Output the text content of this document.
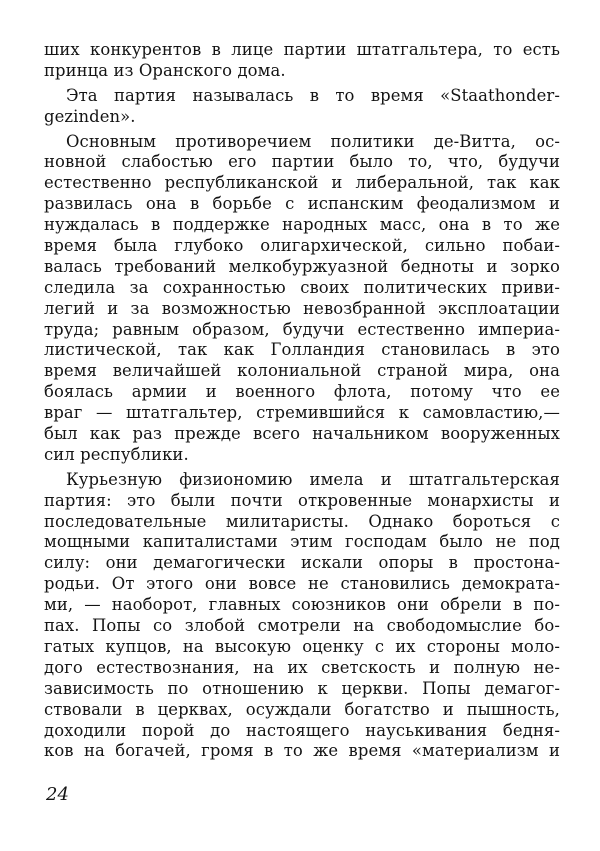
ших конкурентов в лице партии штатгальтера, то есть
принца из Оранского дома.
Эта партия называлась в то время «Staathonder-
gezinden».
Основным противоречием политики де-Витта, ос-
новной слабостью его партии было то, что, будучи
естественно республиканской и либеральной, так как
развилась она в борьбе с испанским феодализмом и
нуждалась в поддержке народных масс, она в то же
время была глубоко олигархической, сильно побаи-
валась требований мелкобуржуазной бедноты и зорко
следила за сохранностью своих политических приви-
легий и за возможностью невозбранной эксплоатации
труда; равным образом, будучи естественно империа-
листической, так как Голландия становилась в это
время величайшей колониальной страной мира, она
боялась армии и военного флота, потому что ее
враг — штатгальтер, стремившийся к самовластию,—
был как раз прежде всего начальником вооруженных
сил республики.
Курьезную физиономию имела и штатгальтерская
партия: это были почти откровенные монархисты и
последовательные милитаристы. Однако бороться с
мощными капиталистами этим господам было не под
силу: они демагогически искали опоры в простона-
родьи. От этого они вовсе не становились демократа-
ми, — наоборот, главных союзников они обрели в по-
пах. Попы со злобой смотрели на свободомыслие бо-
гатых купцов, на высокую оценку с их стороны моло-
дого естествознания, на их светскость и полную не-
зависимость по отношению к церкви. Попы демагог-
ствовали в церквах, осуждали богатство и пышность,
доходили порой до настоящего науськивания бедня-
ков на богачей, громя в то же время «материализм и
24
